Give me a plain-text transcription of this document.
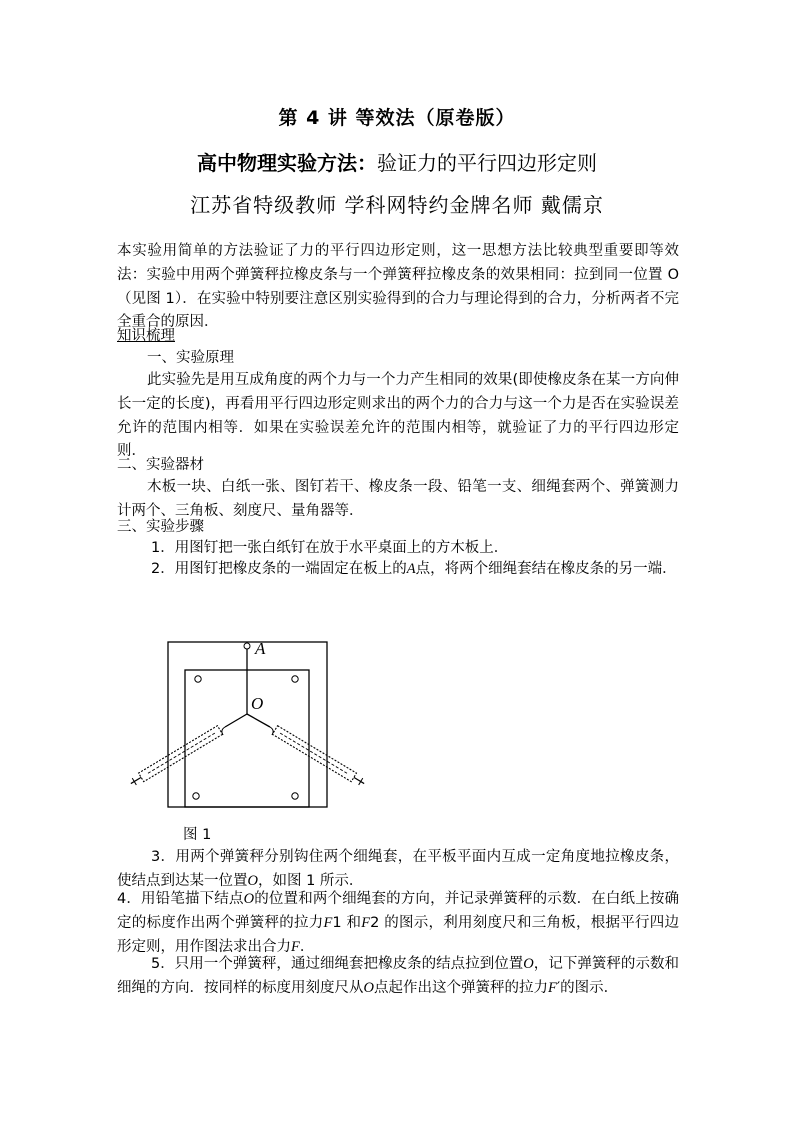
第 4 讲 等效法（原卷版）
高中物理实验方法：验证力的平行四边形定则
江苏省特级教师 学科网特约金牌名师 戴儒京
本实验用简单的方法验证了力的平行四边形定则，这一思想方法比较典型重要即等效法：实验中用两个弹簧秤拉橡皮条与一个弹簧秤拉橡皮条的效果相同：拉到同一位置 O（见图 1）．在实验中特别要注意区别实验得到的合力与理论得到的合力，分析两者不完全重合的原因．
知识梳理
一、实验原理
此实验先是用互成角度的两个力与一个力产生相同的效果(即使橡皮条在某一方向伸长一定的长度)，再看用平行四边形定则求出的两个力的合力与这一个力是否在实验误差允许的范围内相等．如果在实验误差允许的范围内相等，就验证了力的平行四边形定则．
二、实验器材
木板一块、白纸一张、图钉若干、橡皮条一段、铅笔一支、细绳套两个、弹簧测力计两个、三角板、刻度尺、量角器等．
三、实验步骤
1．用图钉把一张白纸钉在放于水平桌面上的方木板上．
2．用图钉把橡皮条的一端固定在板上的A点，将两个细绳套结在橡皮条的另一端．
A
O
图 1
3．用两个弹簧秤分别钩住两个细绳套，在平板平面内互成一定角度地拉橡皮条，使结点到达某一位置O，如图 1 所示．
4．用铅笔描下结点O的位置和两个细绳套的方向，并记录弹簧秤的示数．在白纸上按确定的标度作出两个弹簧秤的拉力F1 和F2 的图示，利用刻度尺和三角板，根据平行四边形定则，用作图法求出合力F．
5．只用一个弹簧秤，通过细绳套把橡皮条的结点拉到位置O，记下弹簧秤的示数和细绳的方向．按同样的标度用刻度尺从O点起作出这个弹簧秤的拉力F′的图示．
